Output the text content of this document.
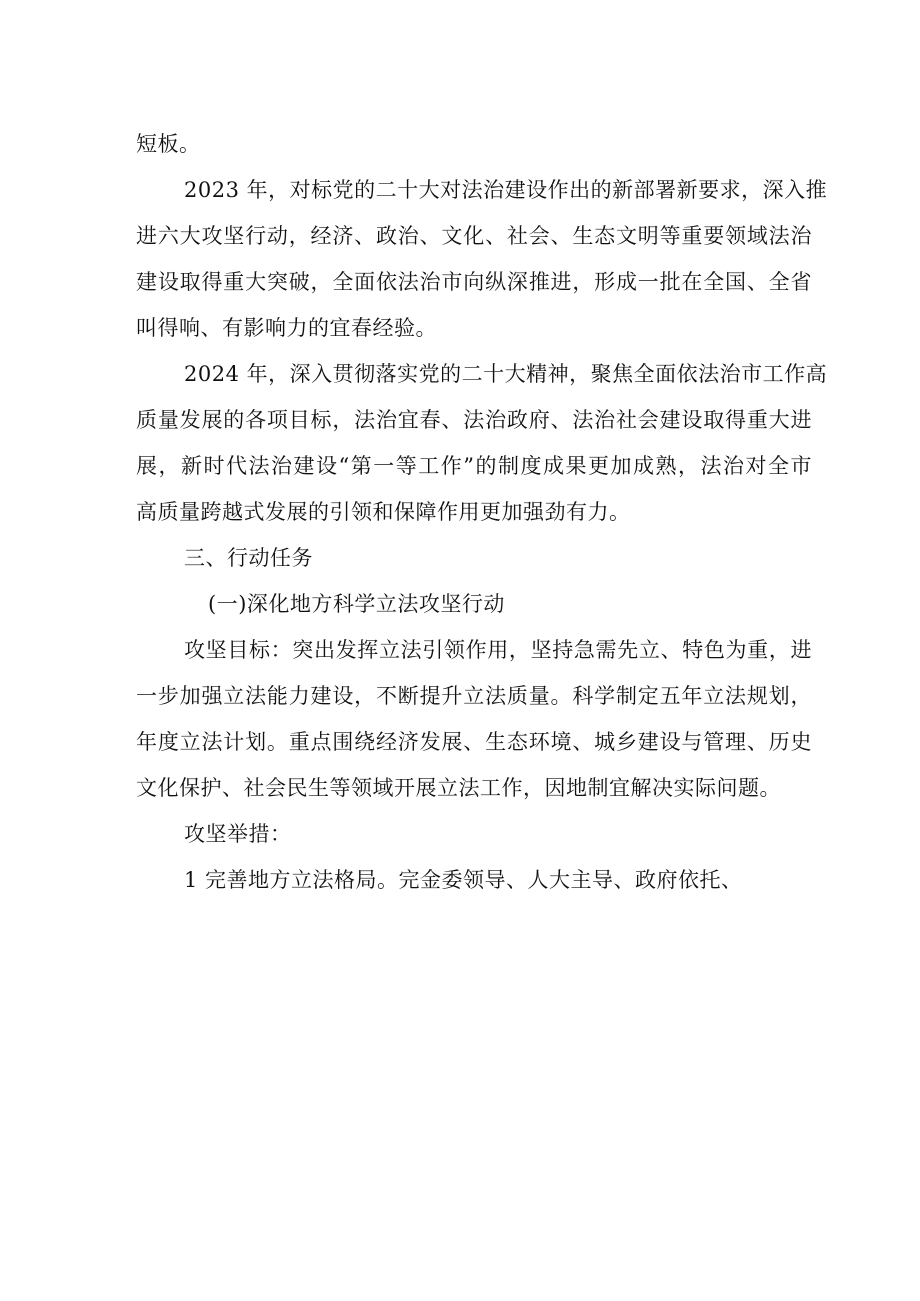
短板。
2023 年，对标党的二十大对法治建设作出的新部署新要求，深入推
进六大攻坚行动，经济、政治、文化、社会、生态文明等重要领域法治
建设取得重大突破，全面依法治市向纵深推进，形成一批在全国、全省
叫得响、有影响力的宜春经验。
2024 年，深入贯彻落实党的二十大精神，聚焦全面依法治市工作高
质量发展的各项目标，法治宜春、法治政府、法治社会建设取得重大进
展，新时代法治建设“第一等工作”的制度成果更加成熟，法治对全市
高质量跨越式发展的引领和保障作用更加强劲有力。
三、行动任务
(一)深化地方科学立法攻坚行动
攻坚目标：突出发挥立法引领作用，坚持急需先立、特色为重，进
一步加强立法能力建设，不断提升立法质量。科学制定五年立法规划，
年度立法计划。重点围绕经济发展、生态环境、城乡建设与管理、历史
文化保护、社会民生等领域开展立法工作，因地制宜解决实际问题。
攻坚举措：
1 完善地方立法格局。完金委领导、人大主导、政府依托、
